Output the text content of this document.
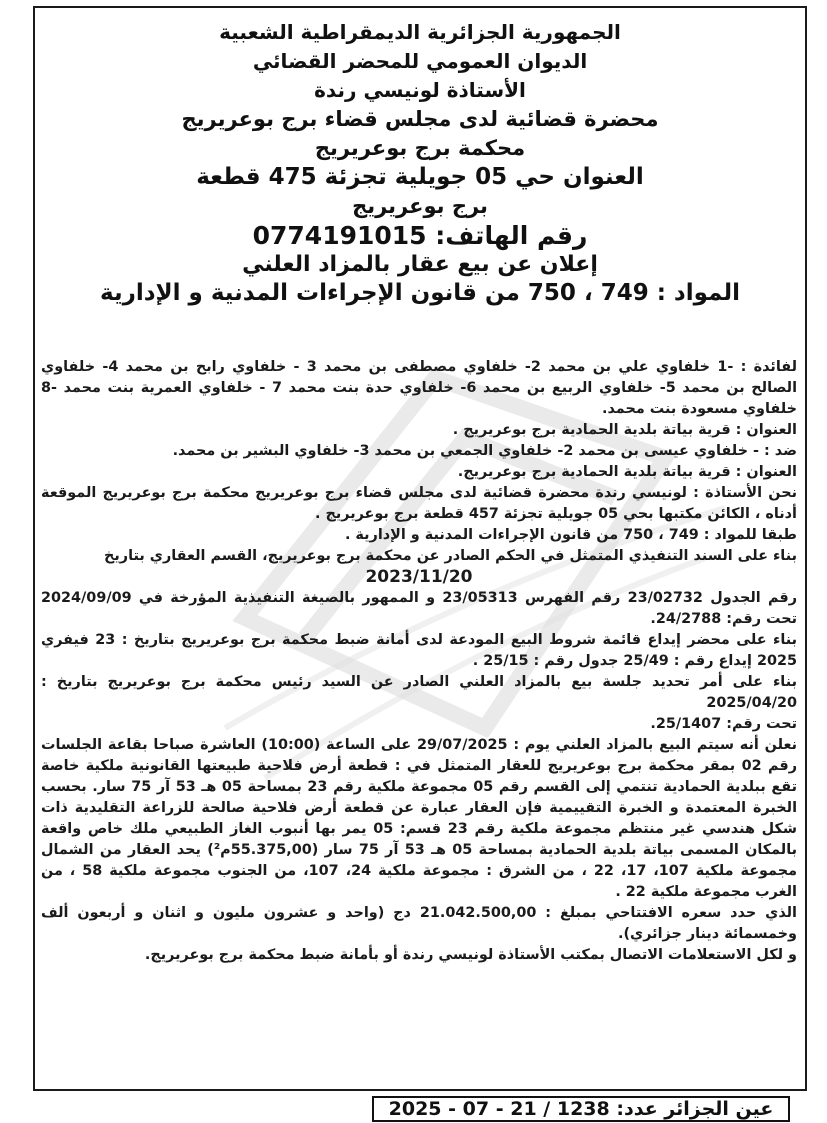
الجمهورية الجزائرية الديمقراطية الشعبية
الديوان العمومي للمحضر القضائي
الأستاذة لونيسي رندة
محضرة قضائية لدى مجلس قضاء برج بوعريريج
محكمة برج بوعريريج
العنوان حي 05 جويلية تجزئة 475 قطعة
برج بوعريريج
رقم الهاتف: 0774191015
إعلان عن بيع عقار بالمزاد العلني
المواد : 749 ، 750 من قانون الإجراءات المدنية و الإدارية

لفائدة : -1 خلفاوي علي بن محمد 2- خلفاوي مصطفى بن محمد 3 - خلفاوي رابح بن محمد 4- خلفاوي الصالح بن محمد 5- خلفاوي الربيع بن محمد 6- خلفاوي حدة بنت محمد 7 - خلفاوي العمرية بنت محمد -8 خلفاوي مسعودة بنت محمد.

العنوان : قرية بياتة بلدية الحمادية برج بوعريريج .

ضد : - خلفاوي عيسى بن محمد 2- خلفاوي الجمعي بن محمد 3- خلفاوي البشير بن محمد.

العنوان : قرية بياتة بلدية الحمادية برج بوعريريج.

نحن الأستاذة : لونيسي رندة محضرة قضائية لدى مجلس قضاء برج بوعريريج محكمة برج بوعريريج الموقعة أدناه ، الكائن مكتبها بحي 05 جويلية تجزئة 457 قطعة برج بوعريريج .

طبقا للمواد : 749 ، 750 من قانون الإجراءات المدنية و الإدارية .

بناء على السند التنفيذي المتمثل في الحكم الصادر عن محكمة برج بوعريريج، القسم العقاري بتاريخ

2023/11/20

رقم الجدول 23/02732 رقم الفهرس 23/05313 و الممهور بالصيغة التنفيذية المؤرخة في 2024/09/09 تحت رقم: 24/2788.

بناء على محضر إيداع قائمة شروط البيع المودعة لدى أمانة ضبط محكمة برج بوعريريج بتاريخ : 23 فيفري 2025 إيداع رقم : 25/49 جدول رقم : 25/15 .

بناء على أمر تحديد جلسة بيع بالمزاد العلني الصادر عن السيد رئيس محكمة برج بوعريريج بتاريخ : 2025/04/20

تحت رقم: 25/1407.

نعلن أنه سيتم البيع بالمزاد العلني يوم : 29/07/2025 على الساعة (10:00) العاشرة صباحا بقاعة الجلسات رقم 02 بمقر محكمة برج بوعريريج للعقار المتمثل في : قطعة أرض فلاحية طبيعتها القانونية ملكية خاصة تقع ببلدية الحمادية تنتمي إلى القسم رقم 05 مجموعة ملكية رقم 23 بمساحة 05 هـ 53 آر 75 سار. بحسب الخبرة المعتمدة و الخبرة التقييمية فإن العقار عبارة عن قطعة أرض فلاحية صالحة للزراعة التقليدية ذات شكل هندسي غير منتظم مجموعة ملكية رقم 23 قسم: 05 يمر بها أنبوب الغاز الطبيعي ملك خاص واقعة بالمكان المسمى بياتة بلدية الحمادية بمساحة 05 هـ 53 آر 75 سار (55.375,00م²) يحد العقار من الشمال مجموعة ملكية 107، 17، 22 ، من الشرق : مجموعة ملكية 24، 107، من الجنوب مجموعة ملكية 58 ، من الغرب مجموعة ملكية 22 .

الذي حدد سعره الافتتاحي بمبلغ : 21.042.500,00 دج (واحد و عشرون مليون و اثنان و أربعون ألف وخمسمائة دينار جزائري).

و لكل الاستعلامات الاتصال بمكتب الأستاذة لونيسي رندة أو بأمانة ضبط محكمة برج بوعريريج.

عين الجزائر عدد: 1238 / 21 - 07 - 2025
